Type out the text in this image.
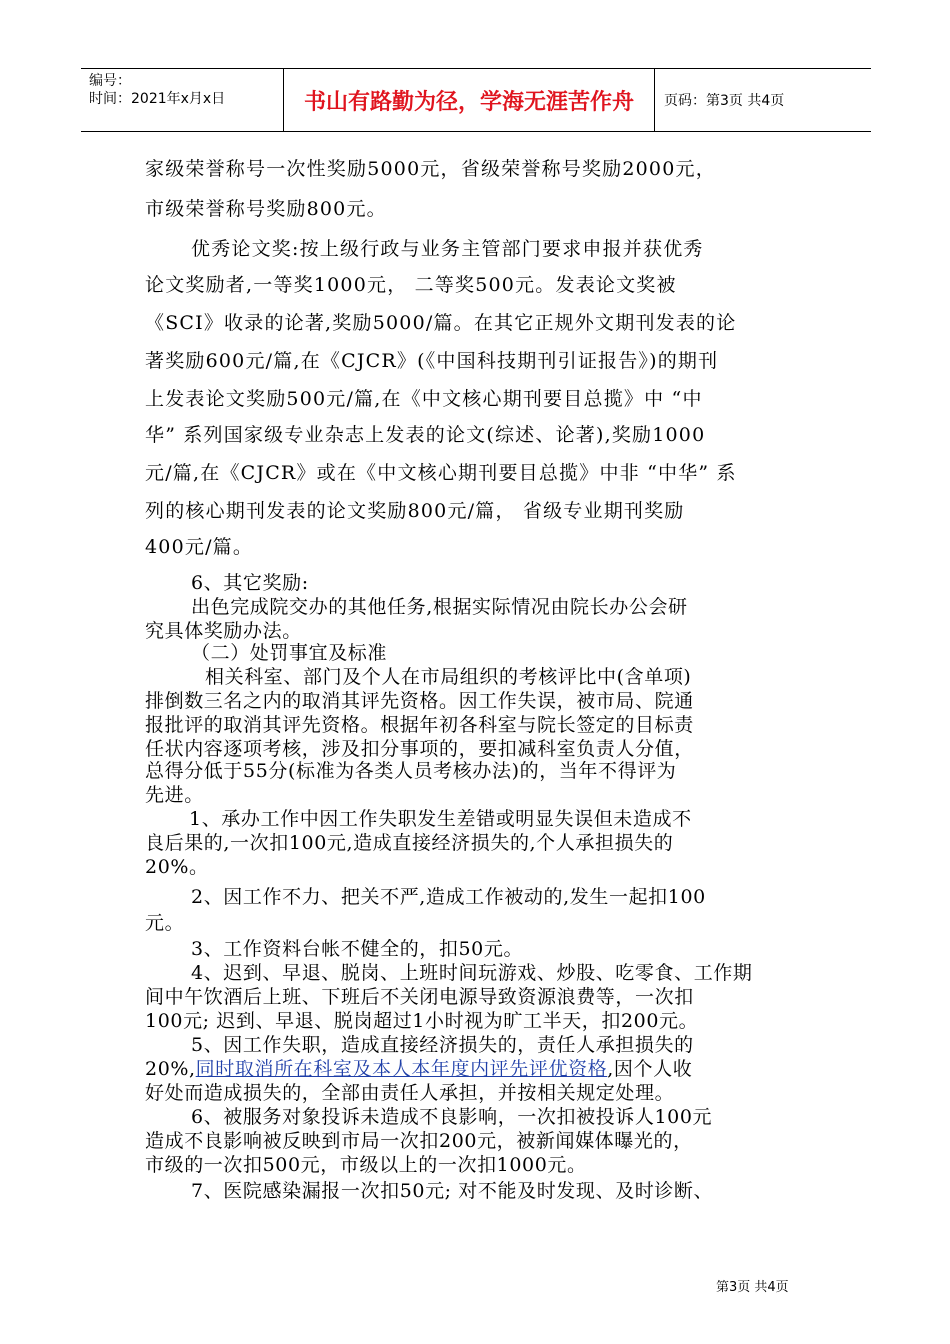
编号：
时间：2021年x月x日	书山有路勤为径，学海无涯苦作舟	页码：第3页 共4页
家级荣誉称号一次性奖励5000元，省级荣誉称号奖励2000元，
市级荣誉称号奖励800元。
优秀论文奖:按上级行政与业务主管部门要求申报并获优秀
论文奖励者,一等奖1000元， 二等奖500元。发表论文奖被
《SCI》收录的论著,奖励5000/篇。在其它正规外文期刊发表的论
著奖励600元/篇,在《CJCR》(《中国科技期刊引证报告》)的期刊
上发表论文奖励500元/篇,在《中文核心期刊要目总揽》中 “中
华” 系列国家级专业杂志上发表的论文(综述、论著),奖励1000
元/篇,在《CJCR》或在《中文核心期刊要目总揽》中非 “中华” 系
列的核心期刊发表的论文奖励800元/篇， 省级专业期刊奖励
400元/篇。
6、其它奖励:
出色完成院交办的其他任务,根据实际情况由院长办公会研
究具体奖励办法。
（二）处罚事宜及标准
相关科室、部门及个人在市局组织的考核评比中(含单项)
排倒数三名之内的取消其评先资格。因工作失误，被市局、院通
报批评的取消其评先资格。根据年初各科室与院长签定的目标责
任状内容逐项考核，涉及扣分事项的，要扣减科室负责人分值，
总得分低于55分(标准为各类人员考核办法)的，当年不得评为
先进。
1、承办工作中因工作失职发生差错或明显失误但未造成不
良后果的,一次扣100元,造成直接经济损失的,个人承担损失的
20%。
2、因工作不力、把关不严,造成工作被动的,发生一起扣100
元。
3、工作资料台帐不健全的，扣50元。
4、迟到、早退、脱岗、上班时间玩游戏、炒股、吃零食、工作期
间中午饮酒后上班、下班后不关闭电源导致资源浪费等，一次扣
100元; 迟到、早退、脱岗超过1小时视为旷工半天，扣200元。
5、因工作失职，造成直接经济损失的，责任人承担损失的
20%,同时取消所在科室及本人本年度内评先评优资格,因个人收
好处而造成损失的，全部由责任人承担，并按相关规定处理。
6、被服务对象投诉未造成不良影响，一次扣被投诉人100元
造成不良影响被反映到市局一次扣200元，被新闻媒体曝光的，
市级的一次扣500元，市级以上的一次扣1000元。
7、医院感染漏报一次扣50元; 对不能及时发现、及时诊断、
第3页 共4页
